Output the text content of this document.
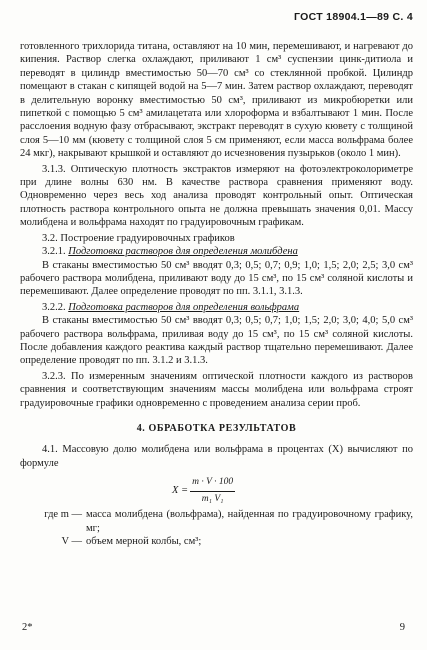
ГОСТ 18904.1—89 С. 4

готовленного трихлорида титана, оставляют на 10 мин, перемешивают, и нагревают до кипения. Раствор слегка охлаждают, приливают 1 см³ суспензии цинк-дитиола и переводят в цилиндр вместимостью 50—70 см³ со стеклянной пробкой. Цилиндр помещают в стакан с кипящей водой на 5—7 мин. Затем раствор охлаждают, переводят в делительную воронку вместимостью 50 см³, приливают из микробюретки или пипеткой с помощью 5 см³ амилацетата или хлороформа и взбалтывают 1 мин. После расслоения водную фазу отбрасывают, экстракт переводят в сухую кювету с толщиной слоя 5—10 мм (кювету с толщиной слоя 5 см применяют, если масса вольфрама более 24 мкг), накрывают крышкой и оставляют до исчезновения пузырьков (около 1 мин).

3.1.3. Оптическую плотность экстрактов измеряют на фотоэлектроколориметре при длине волны 630 нм. В качестве раствора сравнения применяют воду. Одновременно через весь ход анализа проводят контрольный опыт. Оптическая плотность раствора контрольного опыта не должна превышать значения 0,01. Массу молибдена и вольфрама находят по градуировочным графикам.

3.2. Построение градуировочных графиков

3.2.1. Подготовка растворов для определения молибдена

В стаканы вместимостью 50 см³ вводят 0,3; 0,5; 0,7; 0,9; 1,0; 1,5; 2,0; 2,5; 3,0 см³ рабочего раствора молибдена, приливают воду до 15 см³, по 15 см³ соляной кислоты и перемешивают. Далее определение проводят по пп. 3.1.1, 3.1.3.

3.2.2. Подготовка растворов для определения вольфрама

В стаканы вместимостью 50 см³ вводят 0,3; 0,5; 0,7; 1,0; 1,5; 2,0; 3,0; 4,0; 5,0 см³ рабочего раствора вольфрама, приливая воду до 15 см³, по 15 см³ соляной кислоты. После добавления каждого реактива каждый раствор тщательно перемешивают. Далее определение проводят по пп. 3.1.2 и 3.1.3.

3.2.3. По измеренным значениям оптической плотности каждого из растворов сравнения и соответствующим значениям массы молибдена или вольфрама строят градуировочные графики одновременно с проведением анализа серии проб.

4. ОБРАБОТКА РЕЗУЛЬТАТОВ

4.1. Массовую долю молибдена или вольфрама в процентах (X) вычисляют по формуле

$X = \frac{m \cdot V \cdot 100}{\text{m₁ V₁}}$
где m — масса молибдена (вольфрама), найденная по градуировочному графику, мг;
V — объем мерной колбы, см³;
2*	9
